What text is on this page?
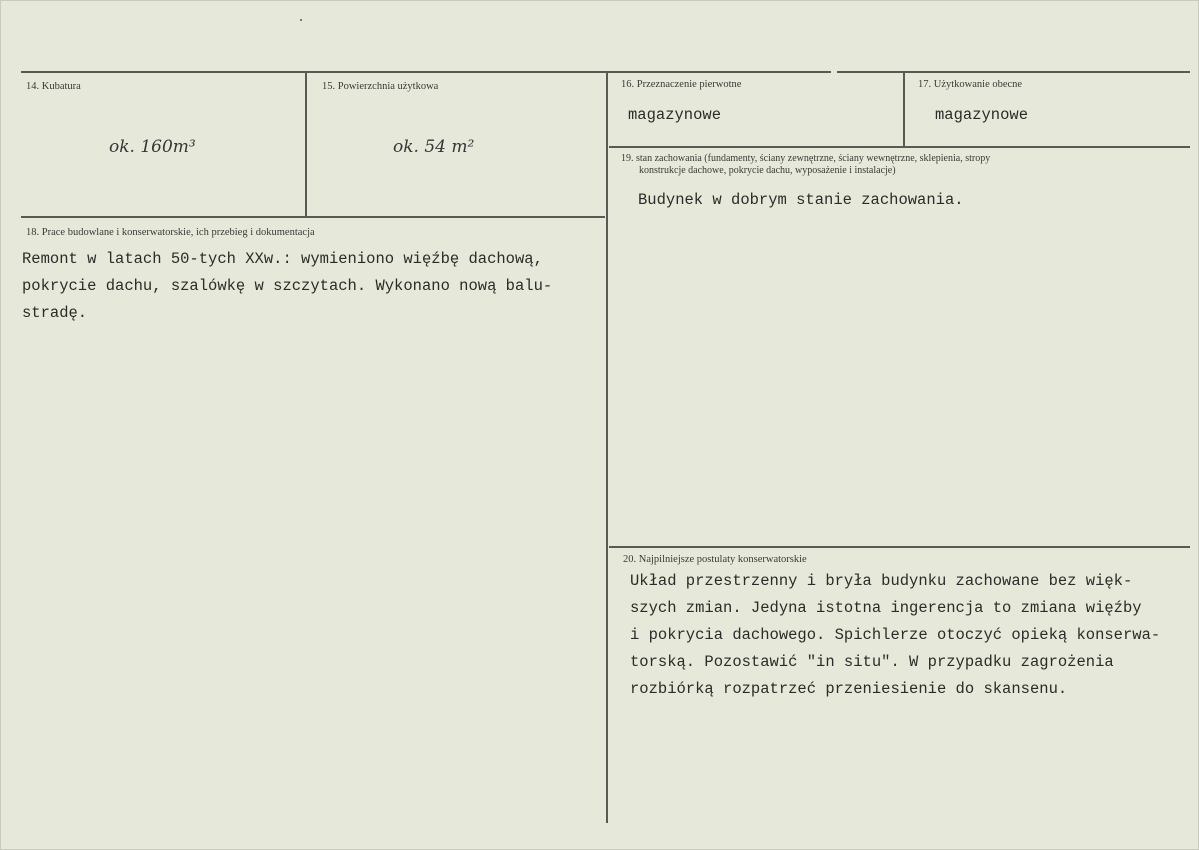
14. Kubatura
ok. 160m³
15. Powierzchnia użytkowa
ok. 54 m²
16. Przeznaczenie pierwotne
magazynowe
17. Użytkowanie obecne
magazynowe
18. Prace budowlane i konserwatorskie, ich przebieg i dokumentacja
Remont w latach 50-tych XXw.: wymieniono więźbę dachową,
pokrycie dachu, szalówkę w szczytach. Wykonano nową balu-
stradę.
19. stan zachowania (fundamenty, ściany zewnętrzne, ściany wewnętrzne, sklepienia, stropy
konstrukcje dachowe, pokrycie dachu, wyposażenie i instalacje)
Budynek w dobrym stanie zachowania.
20. Najpilniejsze postulaty konserwatorskie
Układ przestrzenny i bryła budynku zachowane bez więk-
szych zmian. Jedyna istotna ingerencja to zmiana więźby
i pokrycia dachowego. Spichlerze otoczyć opieką konserwa-
torską. Pozostawić "in situ". W przypadku zagrożenia
rozbiórką rozpatrzeć przeniesienie do skansenu.
